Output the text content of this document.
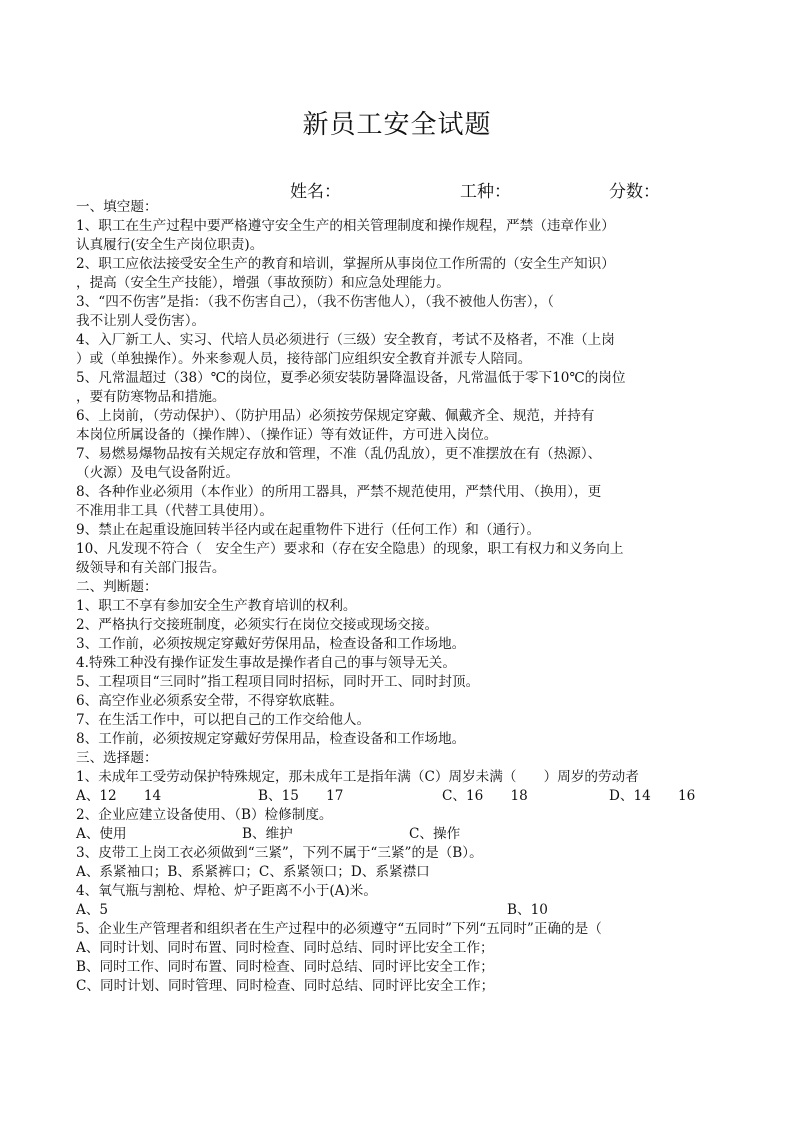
新员工安全试题
姓名：	工种：	分数：
一、填空题：
1、职工在生产过程中要严格遵守安全生产的相关管理制度和操作规程，严禁（违章作业）
认真履行(安全生产岗位职责)。
2、职工应依法接受安全生产的教育和培训，掌握所从事岗位工作所需的（安全生产知识）
，提高（安全生产技能），增强（事故预防）和应急处理能力。
3、“四不伤害”是指：（我不伤害自己），（我不伤害他人），（我不被他人伤害），（
我不让别人受伤害）。
4、入厂新工人、实习、代培人员必须进行（三级）安全教育，考试不及格者，不准（上岗
）或（单独操作）。外来参观人员，接待部门应组织安全教育并派专人陪同。
5、凡常温超过（38）℃的岗位，夏季必须安装防暑降温设备，凡常温低于零下10℃的岗位
，要有防寒物品和措施。
6、上岗前，（劳动保护）、（防护用品）必须按劳保规定穿戴、佩戴齐全、规范，并持有
本岗位所属设备的（操作牌）、（操作证）等有效证件，方可进入岗位。
7、易燃易爆物品按有关规定存放和管理，不准（乱仍乱放），更不准摆放在有（热源）、
（火源）及电气设备附近。
8、各种作业必须用（本作业）的所用工器具，严禁不规范使用，严禁代用、（换用），更
不准用非工具（代替工具使用）。
9、禁止在起重设施回转半径内或在起重物件下进行（任何工作）和（通行）。
10、凡发现不符合（　安全生产）要求和（存在安全隐患）的现象，职工有权力和义务向上
级领导和有关部门报告。
二、判断题：
1、职工不享有参加安全生产教育培训的权利。
2、严格执行交接班制度，必须实行在岗位交接或现场交接。
3、工作前，必须按规定穿戴好劳保用品，检查设备和工作场地。
4.特殊工种没有操作证发生事故是操作者自己的事与领导无关。
5、工程项目“三同时”指工程项目同时招标，同时开工、同时封顶。
6、高空作业必须系安全带，不得穿软底鞋。
7、在生活工作中，可以把自己的工作交给他人。
8、工作前，必须按规定穿戴好劳保用品，检查设备和工作场地。
三、选择题：
1、未成年工受劳动保护特殊规定，那未成年工是指年满（C）周岁未满（　　）周岁的劳动者
A、12　　14	B、15　　17	C、16　　18	D、14　　16
2、企业应建立设备使用、（B）检修制度。
A、使用	B、维护	C、操作
3、皮带工上岗工衣必须做到“三紧”，下列不属于“三紧”的是（B）。
A、系紧袖口；B、系紧裤口；C、系紧领口；D、系紧襟口
4、氧气瓶与割枪、焊枪、炉子距离不小于(A)米。
A、5	B、10
5、企业生产管理者和组织者在生产过程中的必须遵守“五同时”下列“五同时”正确的是（
A、同时计划、同时布置、同时检查、同时总结、同时评比安全工作；
B、同时工作、同时布置、同时检查、同时总结、同时评比安全工作；
C、同时计划、同时管理、同时检查、同时总结、同时评比安全工作；
